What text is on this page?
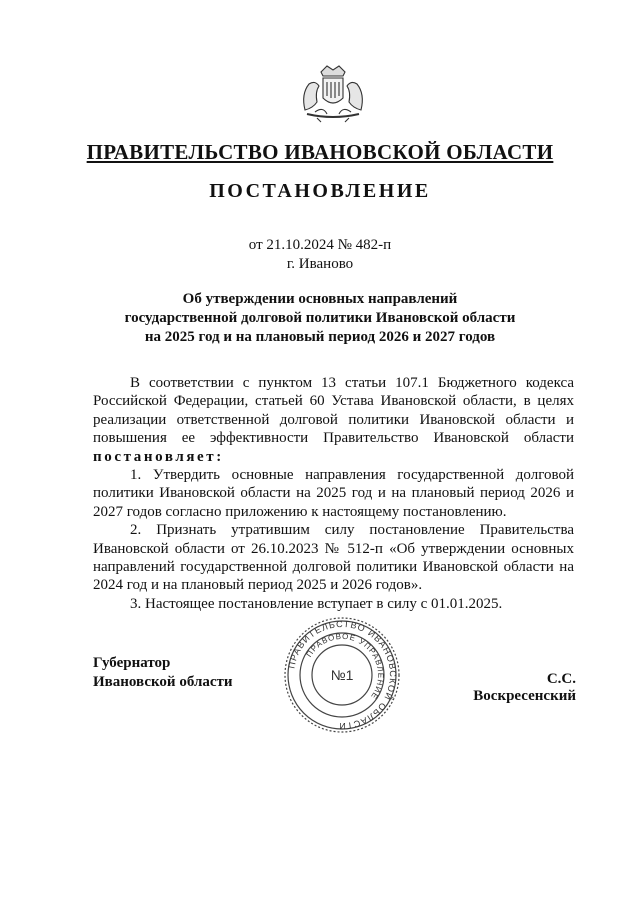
ПРАВИТЕЛЬСТВО ИВАНОВСКОЙ ОБЛАСТИ
ПОСТАНОВЛЕНИЕ
от 21.10.2024 № 482-п
г. Иваново
Об утверждении основных направлений
государственной долговой политики Ивановской области
на 2025 год и на плановый период 2026 и 2027 годов

В соответствии с пунктом 13 статьи 107.1 Бюджетного кодекса Российской Федерации, статьей 60 Устава Ивановской области, в целях реализации ответственной долговой политики Ивановской области и повышения ее эффективности Правительство Ивановской области постановляет:

1. Утвердить основные направления государственной долговой политики Ивановской области на 2025 год и на плановый период 2026 и 2027 годов согласно приложению к настоящему постановлению.

2. Признать утратившим силу постановление Правительства Ивановской области от 26.10.2023 № 512-п «Об утверждении основных направлений государственной долговой политики Ивановской области на 2024 год и на плановый период 2025 и 2026 годов».

3. Настоящее постановление вступает в силу с 01.01.2025.

Губернатор
Ивановской области
ПРАВИТЕЛЬСТВО ИВАНОВСКОЙ ОБЛАСТИ
ПРАВОВОЕ УПРАВЛЕНИЕ
№1	С.С. Воскресенский
